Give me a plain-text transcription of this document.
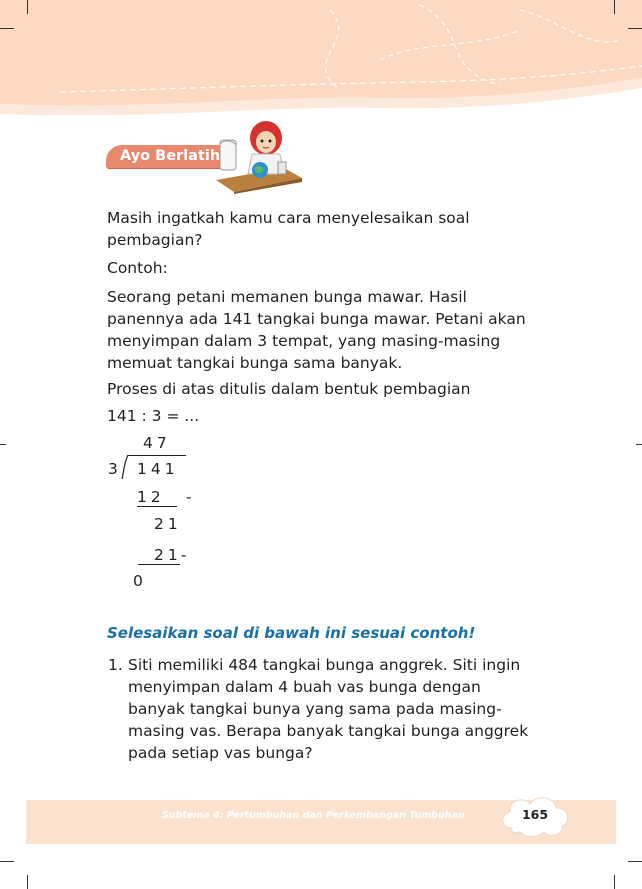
Ayo Berlatih

Masih ingatkah kamu cara menyelesaikan soal pembagian?

Contoh:

Seorang petani memanen bunga mawar. Hasil panennya ada 141 tangkai bunga mawar. Petani akan menyimpan dalam 3 tempat, yang masing-masing memuat tangkai bunga sama banyak.

Proses di atas ditulis dalam bentuk pembagian

141 : 3 = ...

47
3 141
12 -
21
21 -
0
Selesaikan soal di bawah ini sesuai contoh!
1. Siti memiliki 484 tangkai bunga anggrek. Siti ingin menyimpan dalam 4 buah vas bunga dengan banyak tangkai bunya yang sama pada masing-masing vas. Berapa banyak tangkai bunga anggrek pada setiap vas bunga?

Subtema 4: Pertumbuhan dan Perkembangan Tumbuhan	165
